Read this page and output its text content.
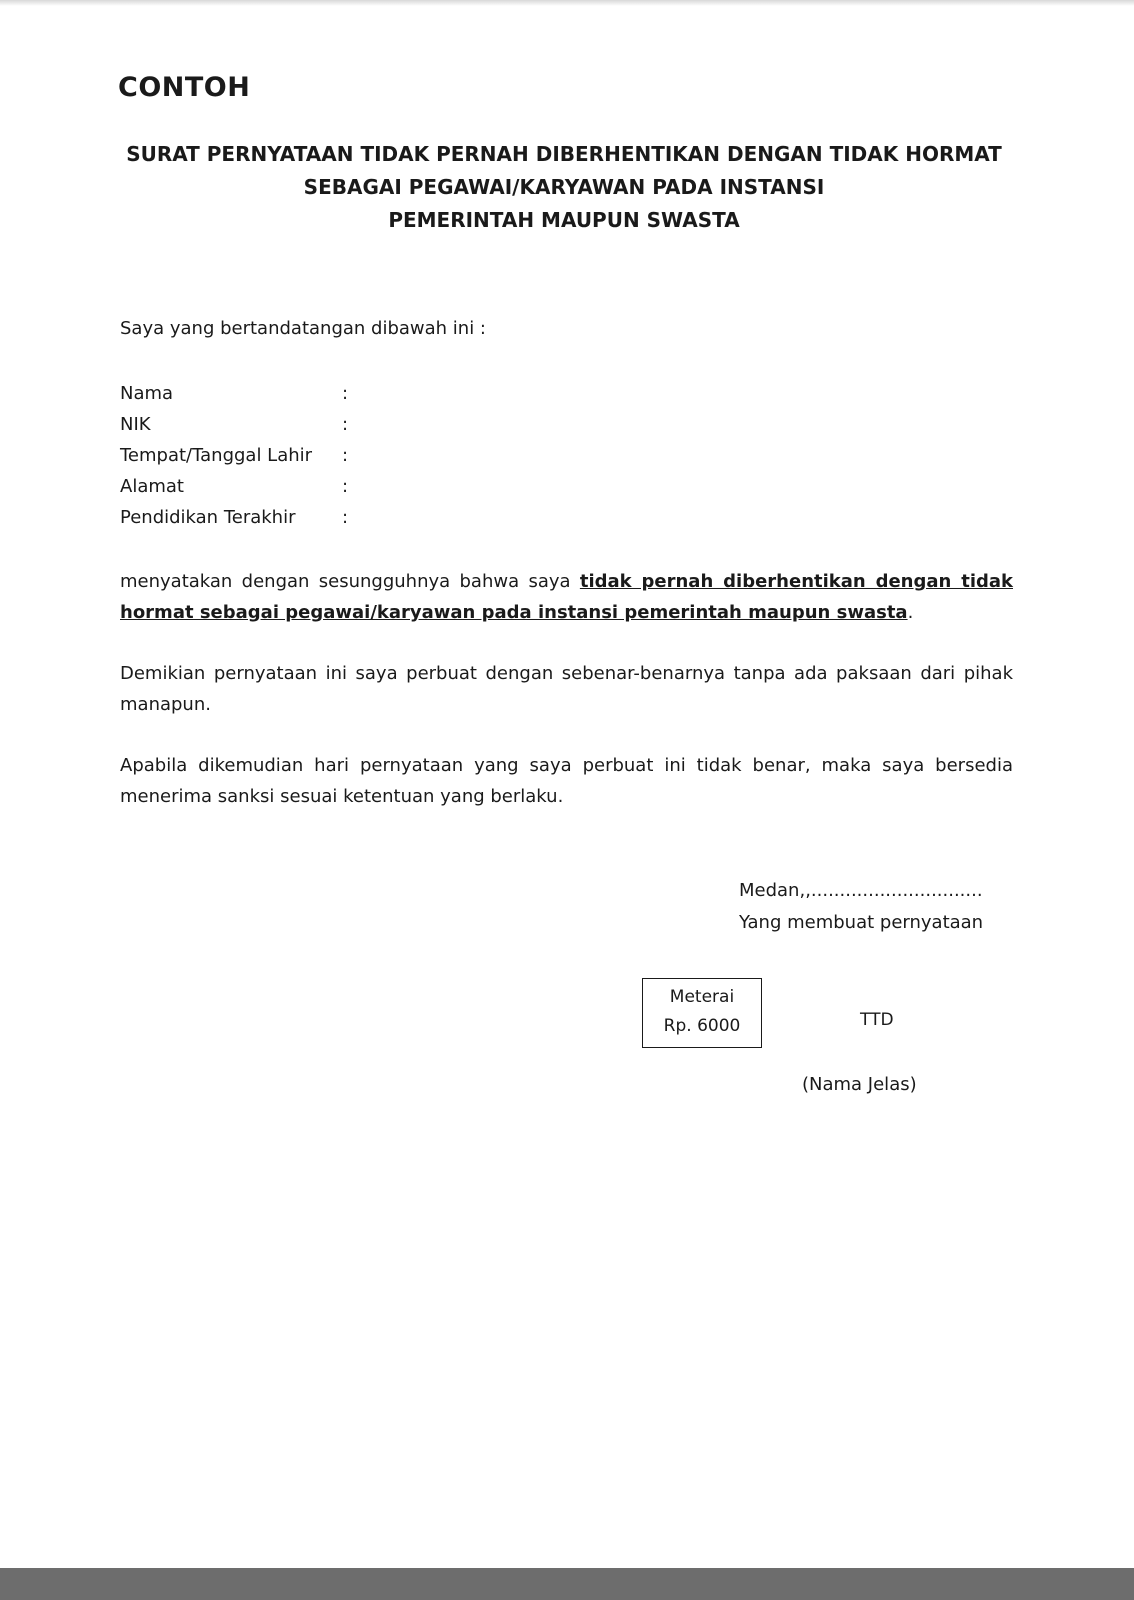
CONTOH
SURAT PERNYATAAN TIDAK PERNAH DIBERHENTIKAN DENGAN TIDAK HORMAT
SEBAGAI PEGAWAI/KARYAWAN PADA INSTANSI
PEMERINTAH MAUPUN SWASTA
Saya yang bertandatangan dibawah ini :
Nama	:
NIK	:
Tempat/Tanggal Lahir :
Alamat	:
Pendidikan Terakhir	:
menyatakan dengan sesungguhnya bahwa saya tidak pernah diberhentikan dengan tidak hormat sebagai pegawai/karyawan pada instansi pemerintah maupun swasta.
Demikian pernyataan ini saya perbuat dengan sebenar-benarnya tanpa ada paksaan dari pihak manapun.
Apabila dikemudian hari pernyataan yang saya perbuat ini tidak benar, maka saya bersedia menerima sanksi sesuai ketentuan yang berlaku.
Medan,,..............................
Yang membuat pernyataan
Meterai
Rp. 6000	TTD
(Nama Jelas)
